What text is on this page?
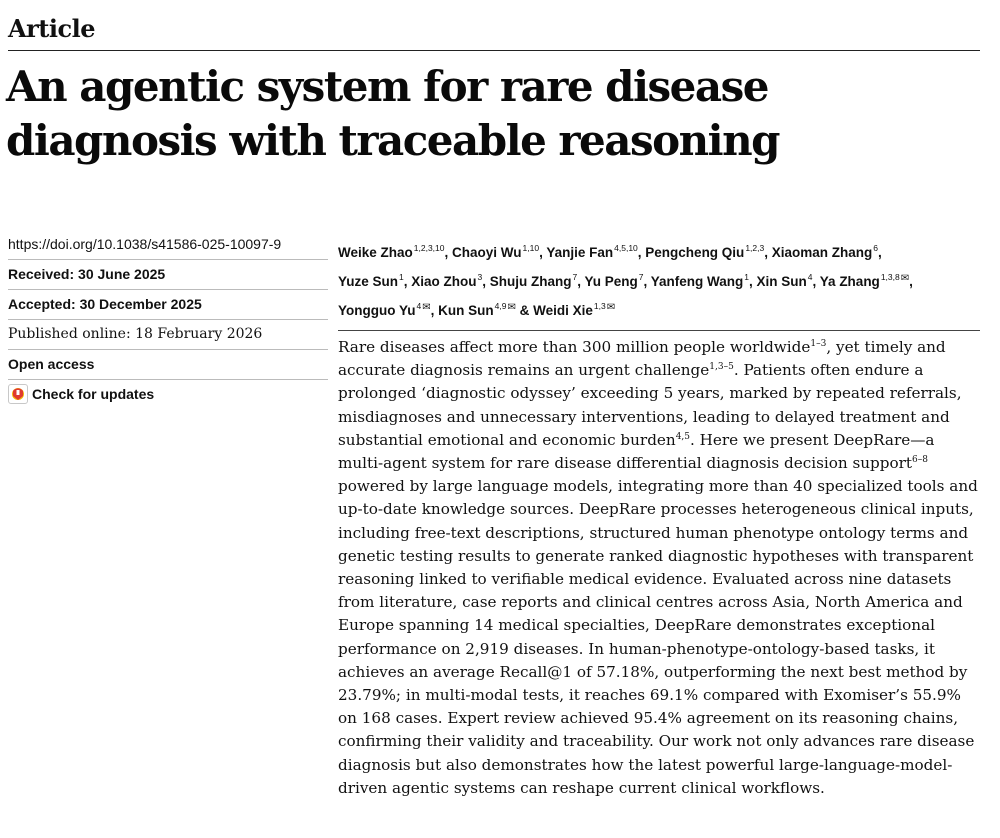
Article
An agentic system for rare disease diagnosis with traceable reasoning
https://doi.org/10.1038/s41586-025-10097-9
Received: 30 June 2025
Accepted: 30 December 2025
Published online: 18 February 2026
Open access
Check for updates
Weike Zhao$^{1,2,3,10}$, Chaoyi Wu$^{1,10}$, Yanjie Fan$^{4,5,10}$, Pengcheng Qiu$^{1,2,3}$, Xiaoman Zhang$^6$,
Yuze Sun$^1$, Xiao Zhou$^3$, Shuju Zhang$^7$, Yu Peng$^7$, Yanfeng Wang$^1$, Xin Sun$^4$, Ya Zhang$^{1,3,8✉}$,
Yongguo $Yu^{4✉}$, Kun Sun$^{4,9✉}$ & Weidi Xie$^{1,3✉}$

Rare diseases affect more than 300 million people worldwide$^{1-3}$, yet timely and accurate diagnosis remains an urgent challenge$^{1,3-5}$. Patients often endure a prolonged ‘diagnostic odyssey’ exceeding 5 years, marked by repeated referrals, misdiagnoses and unnecessary interventions, leading to delayed treatment and substantial emotional and economic burden$^{4,5}$. Here we present DeepRare—a multi-agent system for rare disease differential diagnosis decision support$^{6-8}$ powered by large language models, integrating more than 40 specialized tools and up-to-date knowledge sources. DeepRare processes heterogeneous clinical inputs, including free-text descriptions, structured human phenotype ontology terms and genetic testing results to generate ranked diagnostic hypotheses with transparent reasoning linked to verifiable medical evidence. Evaluated across nine datasets from literature, case reports and clinical centres across Asia, North America and Europe spanning 14 medical specialties, DeepRare demonstrates exceptional performance on 2,919 diseases. In human-phenotype-ontology-based tasks, it achieves an average Recall@1 of 57.18%, outperforming the next best method by 23.79%; in multi-modal tests, it reaches 69.1% compared with Exomiser’s 55.9% on 168 cases. Expert review achieved 95.4% agreement on its reasoning chains, confirming their validity and traceability. Our work not only advances rare disease diagnosis but also demonstrates how the latest powerful large-language-model-driven agentic systems can reshape current clinical workflows.
